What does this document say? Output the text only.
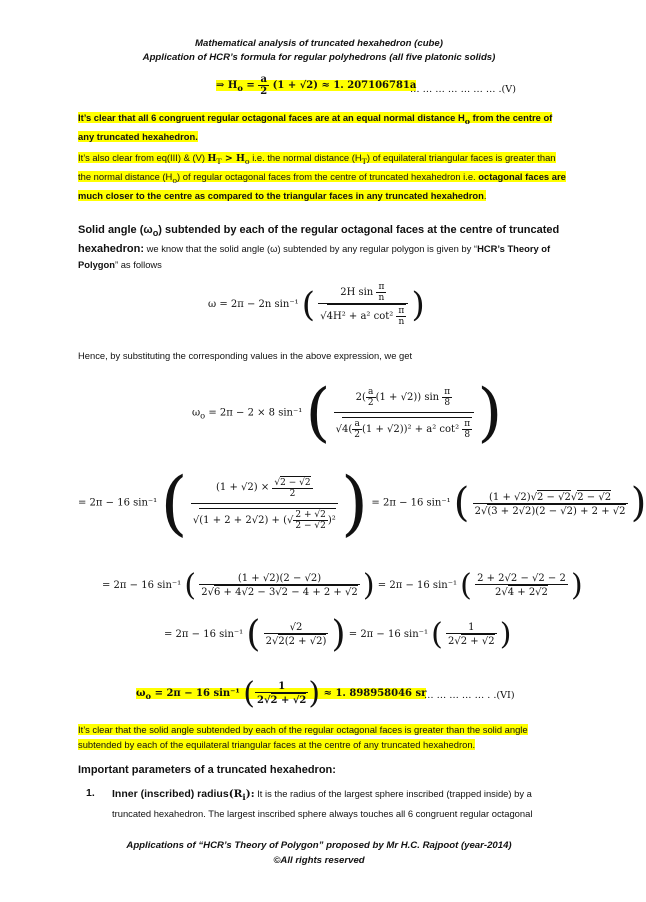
Mathematical analysis of truncated hexahedron (cube)
Application of HCR’s formula for regular polyhedrons (all five platonic solids)
⇒ $H_o = \frac{a}{2} (1 + √2) \approx 1$. 207106781a
… … … … … … … .(V)
It’s clear that all 6 congruent regular octagonal faces are at an equal normal distance $H_o$ from the centre of any truncated hexahedron.
It’s also clear from eq(III) & (V) $H_T > H_o$ i.e. the normal distance $(H_T)$ of equilateral triangular faces is greater than the normal distance $(H_o)$ of regular octagonal faces from the centre of truncated hexahedron i.e. octagonal faces are much closer to the centre as compared to the triangular faces in any truncated hexahedron.
Solid angle $(\omega_o)$ subtended by each of the regular octagonal faces at the centre of truncated
hexahedron: we know that the solid angle (ω) subtended by any regular polygon is given by “HCR’s Theory of Polygon” as follows
ω = 2π − 2n sin⁻¹ ( $\frac{2H \sin \frac{\pi}{n}}{√4H^2 + a^2 \cot^2 \frac{\pi}{n}}$ )
Hence, by substituting the corresponding values in the above expression, we get
$\omega_o = 2\pi - 2 \times 8$ sin⁻¹ ( $\frac{2( \frac{a}{2} (1 + √2)) \sin \frac{\pi}{8}}{√4( \frac{a}{2} (1 + √2))^2 + a^2 \cot^2 \frac{\pi}{8}}$ )
= 2π − 16 sin⁻¹ ( $\frac{(1 + √2) \times \frac{√2 - √2}{2}}{√(1 + 2 + 2√2) + (√ \frac{2 + √2}{2 - √2} )^2}$ ) = 2π − 16 sin⁻¹ ( $\frac{(1 + √2)√2 - √2√2 - √2}{2√(3 + 2√2)(2 - √2) + 2 + √2}$ )
= 2π − 16 sin⁻¹ ( $\frac{(1 + √2)(2 - √2)}{2√6 + 4√2 - 3√2 - 4 + 2 + √2}$ ) = 2π − 16 sin⁻¹ ( $\frac{2 + 2√2 - √2 - 2}{2√4 + 2√2}$ )
= 2π − 16 sin⁻¹ ( $\frac{√2}{2√2(2 + √2)}$ ) = 2π − 16 sin⁻¹ ( $\frac{1}{2√2 + √2}$ )
$\omega_o = 2\pi - 16$ sin⁻¹ ( $\frac{1}{2√2 + √2}$ ) ≈ 1. 898958046 sr
… … … … … . .(VI)
It’s clear that the solid angle subtended by each of the regular octagonal faces is greater than the solid angle subtended by each of the equilateral triangular faces at the centre of any truncated hexahedron.
Important parameters of a truncated hexahedron:
1.	Inner (inscribed) $radius(R_i)$: It is the radius of the largest sphere inscribed (trapped inside) by a truncated hexahedron. The largest inscribed sphere always touches all 6 congruent regular octagonal
Applications of “HCR’s Theory of Polygon” proposed by Mr H.C. Rajpoot (year-2014)
©All rights reserved
